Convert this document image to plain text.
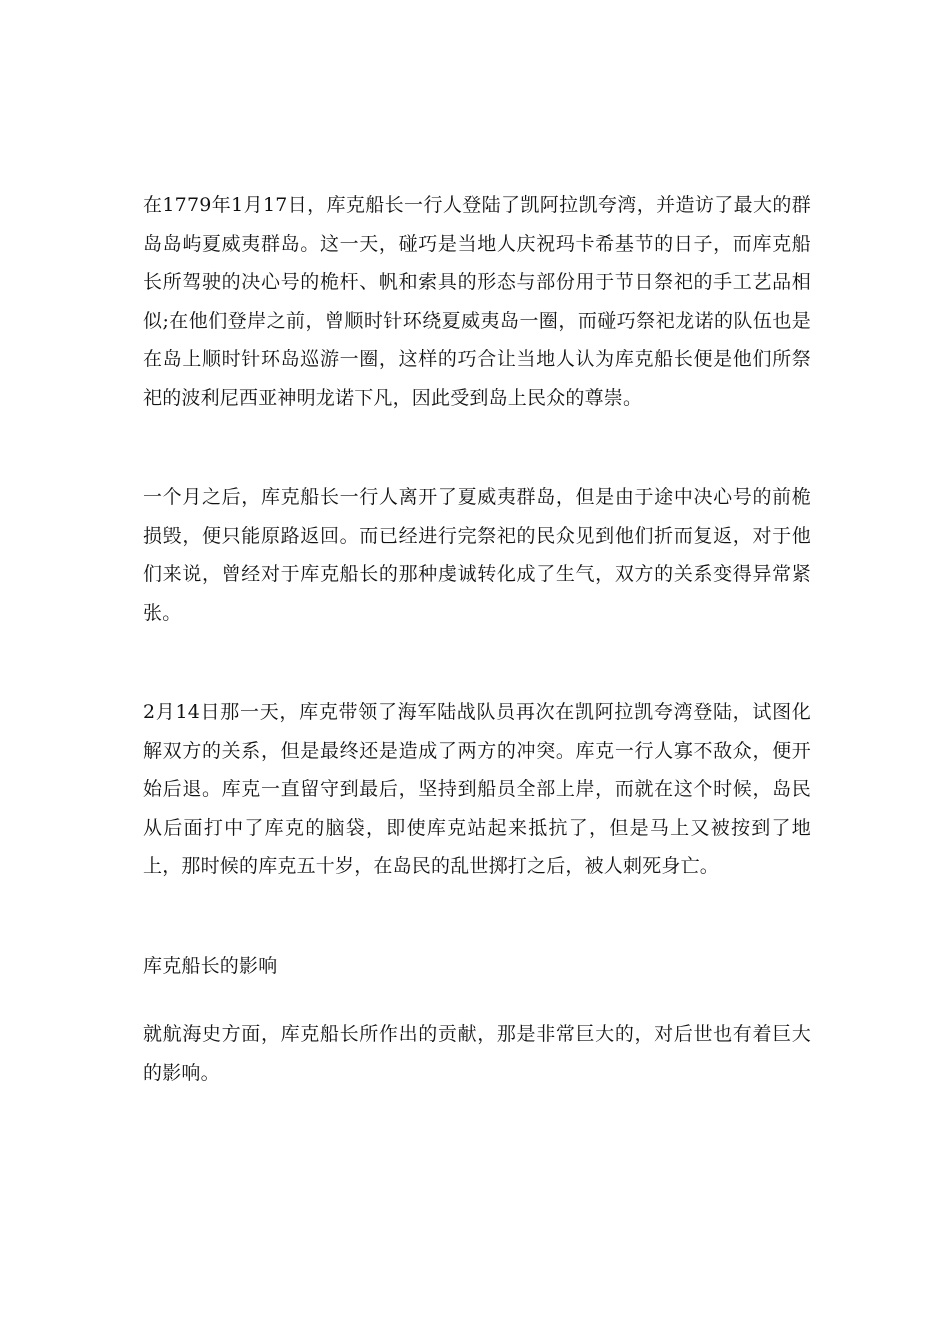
在1779年1月17日，库克船长一行人登陆了凯阿拉凯夸湾，并造访了最大的群岛岛屿夏威夷群岛。这一天，碰巧是当地人庆祝玛卡希基节的日子，而库克船长所驾驶的决心号的桅杆、帆和索具的形态与部份用于节日祭祀的手工艺品相似;在他们登岸之前，曾顺时针环绕夏威夷岛一圈，而碰巧祭祀龙诺的队伍也是在岛上顺时针环岛巡游一圈，这样的巧合让当地人认为库克船长便是他们所祭祀的波利尼西亚神明龙诺下凡，因此受到岛上民众的尊崇。

一个月之后，库克船长一行人离开了夏威夷群岛，但是由于途中决心号的前桅损毁，便只能原路返回。而已经进行完祭祀的民众见到他们折而复返，对于他们来说，曾经对于库克船长的那种虔诚转化成了生气，双方的关系变得异常紧张。

2月14日那一天，库克带领了海军陆战队员再次在凯阿拉凯夸湾登陆，试图化解双方的关系，但是最终还是造成了两方的冲突。库克一行人寡不敌众，便开始后退。库克一直留守到最后，坚持到船员全部上岸，而就在这个时候，岛民从后面打中了库克的脑袋，即使库克站起来抵抗了，但是马上又被按到了地上，那时候的库克五十岁，在岛民的乱世掷打之后，被人刺死身亡。

库克船长的影响

就航海史方面，库克船长所作出的贡献，那是非常巨大的，对后世也有着巨大的影响。
